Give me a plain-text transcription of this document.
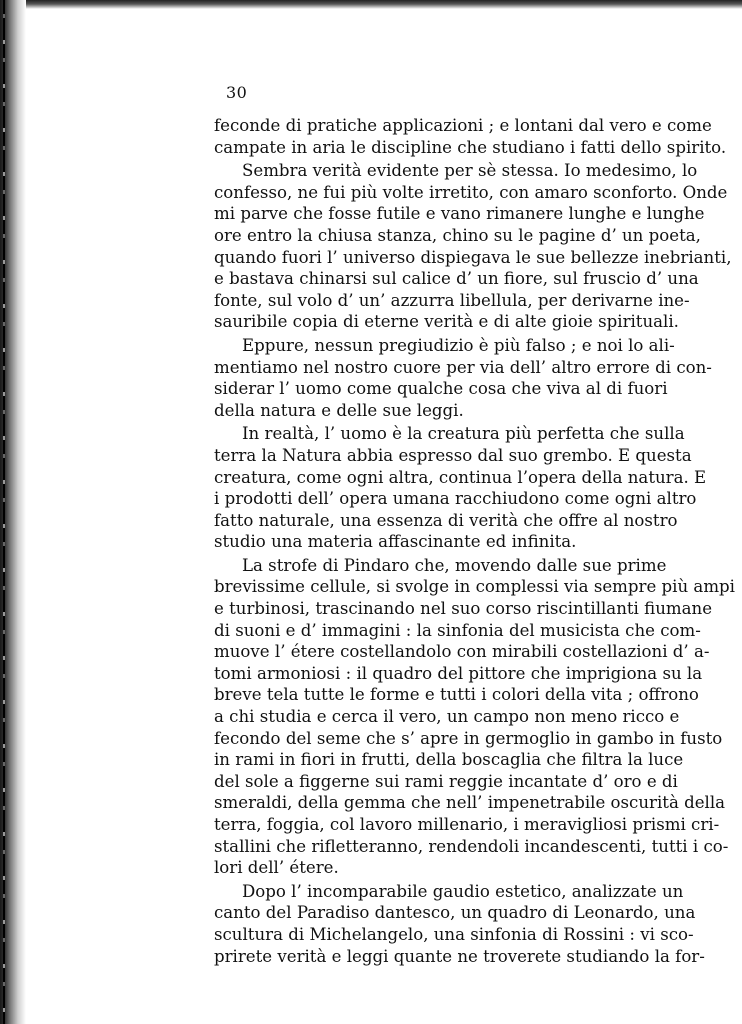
30
feconde di pratiche applicazioni ; e lontani dal vero e come
campate in aria le discipline che studiano i fatti dello spirito.
Sembra verità evidente per sè stessa. Io medesimo, lo
confesso, ne fui più volte irretito, con amaro sconforto. Onde
mi parve che fosse futile e vano rimanere lunghe e lunghe
ore entro la chiusa stanza, chino su le pagine d’ un poeta,
quando fuori l’ universo dispiegava le sue bellezze inebrianti,
e bastava chinarsi sul calice d’ un fiore, sul fruscio d’ una
fonte, sul volo d’ un’ azzurra libellula, per derivarne ine-
sauribile copia di eterne verità e di alte gioie spirituali.
Eppure, nessun pregiudizio è più falso ; e noi lo ali-
mentiamo nel nostro cuore per via dell’ altro errore di con-
siderar l’ uomo come qualche cosa che viva al di fuori
della natura e delle sue leggi.
In realtà, l’ uomo è la creatura più perfetta che sulla
terra la Natura abbia espresso dal suo grembo. E questa
creatura, come ogni altra, continua l’opera della natura. E
i prodotti dell’ opera umana racchiudono come ogni altro
fatto naturale, una essenza di verità che offre al nostro
studio una materia affascinante ed infinita.
La strofe di Pindaro che, movendo dalle sue prime
brevissime cellule, si svolge in complessi via sempre più ampi
e turbinosi, trascinando nel suo corso riscintillanti fiumane
di suoni e d’ immagini : la sinfonia del musicista che com-
muove l’ étere costellandolo con mirabili costellazioni d’ a-
tomi armoniosi : il quadro del pittore che imprigiona su la
breve tela tutte le forme e tutti i colori della vita ; offrono
a chi studia e cerca il vero, un campo non meno ricco e
fecondo del seme che s’ apre in germoglio in gambo in fusto
in rami in fiori in frutti, della boscaglia che filtra la luce
del sole a figgerne sui rami reggie incantate d’ oro e di
smeraldi, della gemma che nell’ impenetrabile oscurità della
terra, foggia, col lavoro millenario, i meravigliosi prismi cri-
stallini che rifletteranno, rendendoli incandescenti, tutti i co-
lori dell’ étere.
Dopo l’ incomparabile gaudio estetico, analizzate un
canto del Paradiso dantesco, un quadro di Leonardo, una
scultura di Michelangelo, una sinfonia di Rossini : vi sco-
prirete verità e leggi quante ne troverete studiando la for-
